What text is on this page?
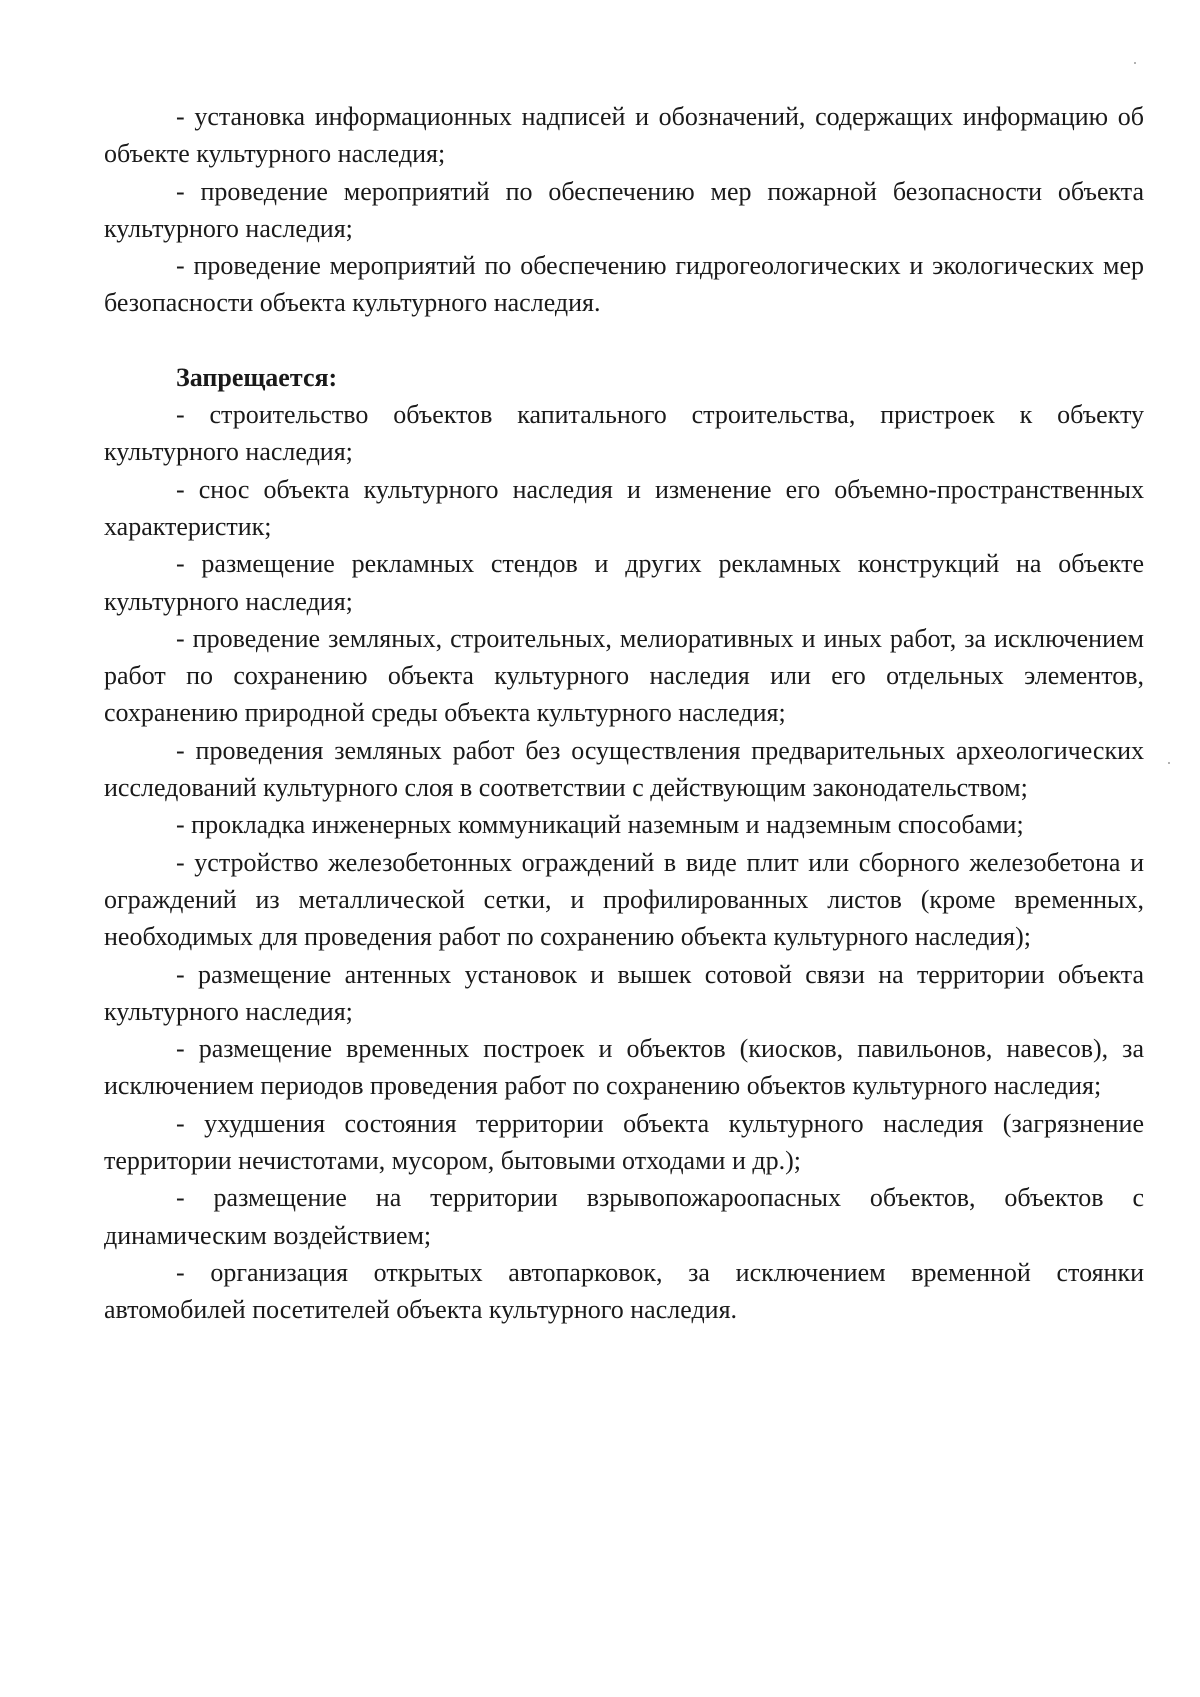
- установка информационных надписей и обозначений, содержащих информацию об объекте культурного наследия;

- проведение мероприятий по обеспечению мер пожарной безопасности объекта культурного наследия;

- проведение мероприятий по обеспечению гидрогеологических и экологических мер безопасности объекта культурного наследия.

Запрещается:

- строительство объектов капитального строительства, пристроек к объекту культурного наследия;

- снос объекта культурного наследия и изменение его объемно-пространственных характеристик;

- размещение рекламных стендов и других рекламных конструкций на объекте культурного наследия;

- проведение земляных, строительных, мелиоративных и иных работ, за исключением работ по сохранению объекта культурного наследия или его отдельных элементов, сохранению природной среды объекта культурного наследия;

- проведения земляных работ без осуществления предварительных археологических исследований культурного слоя в соответствии с действующим законодательством;

- прокладка инженерных коммуникаций наземным и надземным способами;

- устройство железобетонных ограждений в виде плит или сборного железобетона и ограждений из металлической сетки, и профилированных листов (кроме временных, необходимых для проведения работ по сохранению объекта культурного наследия);

- размещение антенных установок и вышек сотовой связи на территории объекта культурного наследия;

- размещение временных построек и объектов (киосков, павильонов, навесов), за исключением периодов проведения работ по сохранению объектов культурного наследия;

- ухудшения состояния территории объекта культурного наследия (загрязнение территории нечистотами, мусором, бытовыми отходами и др.);

- размещение на территории взрывопожароопасных объектов, объектов с динамическим воздействием;

- организация открытых автопарковок, за исключением временной стоянки автомобилей посетителей объекта культурного наследия.
